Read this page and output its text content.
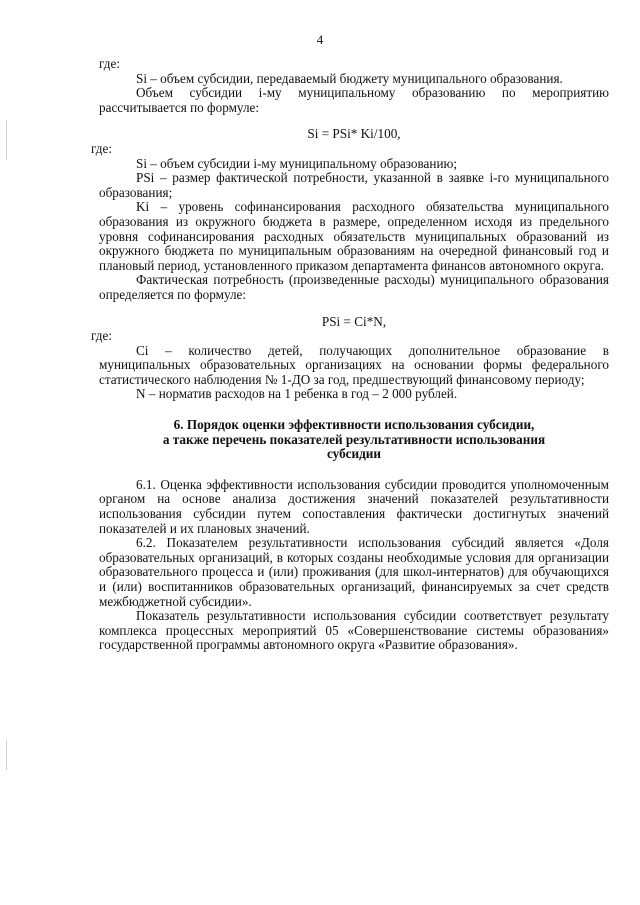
4

где:

Si – объем субсидии, передаваемый бюджету муниципального образования.

Объем субсидии i-му муниципальному образованию по мероприятию рассчитывается по формуле:

Si = PSi* Ki/100,

где:

Si – объем субсидии i-му муниципальному образованию;

PSi – размер фактической потребности, указанной в заявке i-го муниципального образования;

Ki – уровень софинансирования расходного обязательства муниципального образования из окружного бюджета в размере, определенном исходя из предельного уровня софинансирования расходных обязательств муниципальных образований из окружного бюджета по муниципальным образованиям на очередной финансовый год и плановый период, установленного приказом департамента финансов автономного округа.

Фактическая потребность (произведенные расходы) муниципального образования определяется по формуле:

PSi = Ci*N,

где:

Ci – количество детей, получающих дополнительное образование в муниципальных образовательных организациях на основании формы федерального статистического наблюдения № 1-ДО за год, предшествующий финансовому периоду;

N – норматив расходов на 1 ребенка в год – 2 000 рублей.

6. Порядок оценки эффективности использования субсидии,

а также перечень показателей результативности использования

субсидии

6.1. Оценка эффективности использования субсидии проводится уполномоченным органом на основе анализа достижения значений показателей результативности использования субсидии путем сопоставления фактически достигнутых значений показателей и их плановых значений.

6.2. Показателем результативности использования субсидий является «Доля образовательных организаций, в которых созданы необходимые условия для организации образовательного процесса и (или) проживания (для школ-интернатов) для обучающихся и (или) воспитанников образовательных организаций, финансируемых за счет средств межбюджетной субсидии».

Показатель результативности использования субсидии соответствует результату комплекса процессных мероприятий 05 «Совершенствование системы образования» государственной программы автономного округа «Развитие образования».
